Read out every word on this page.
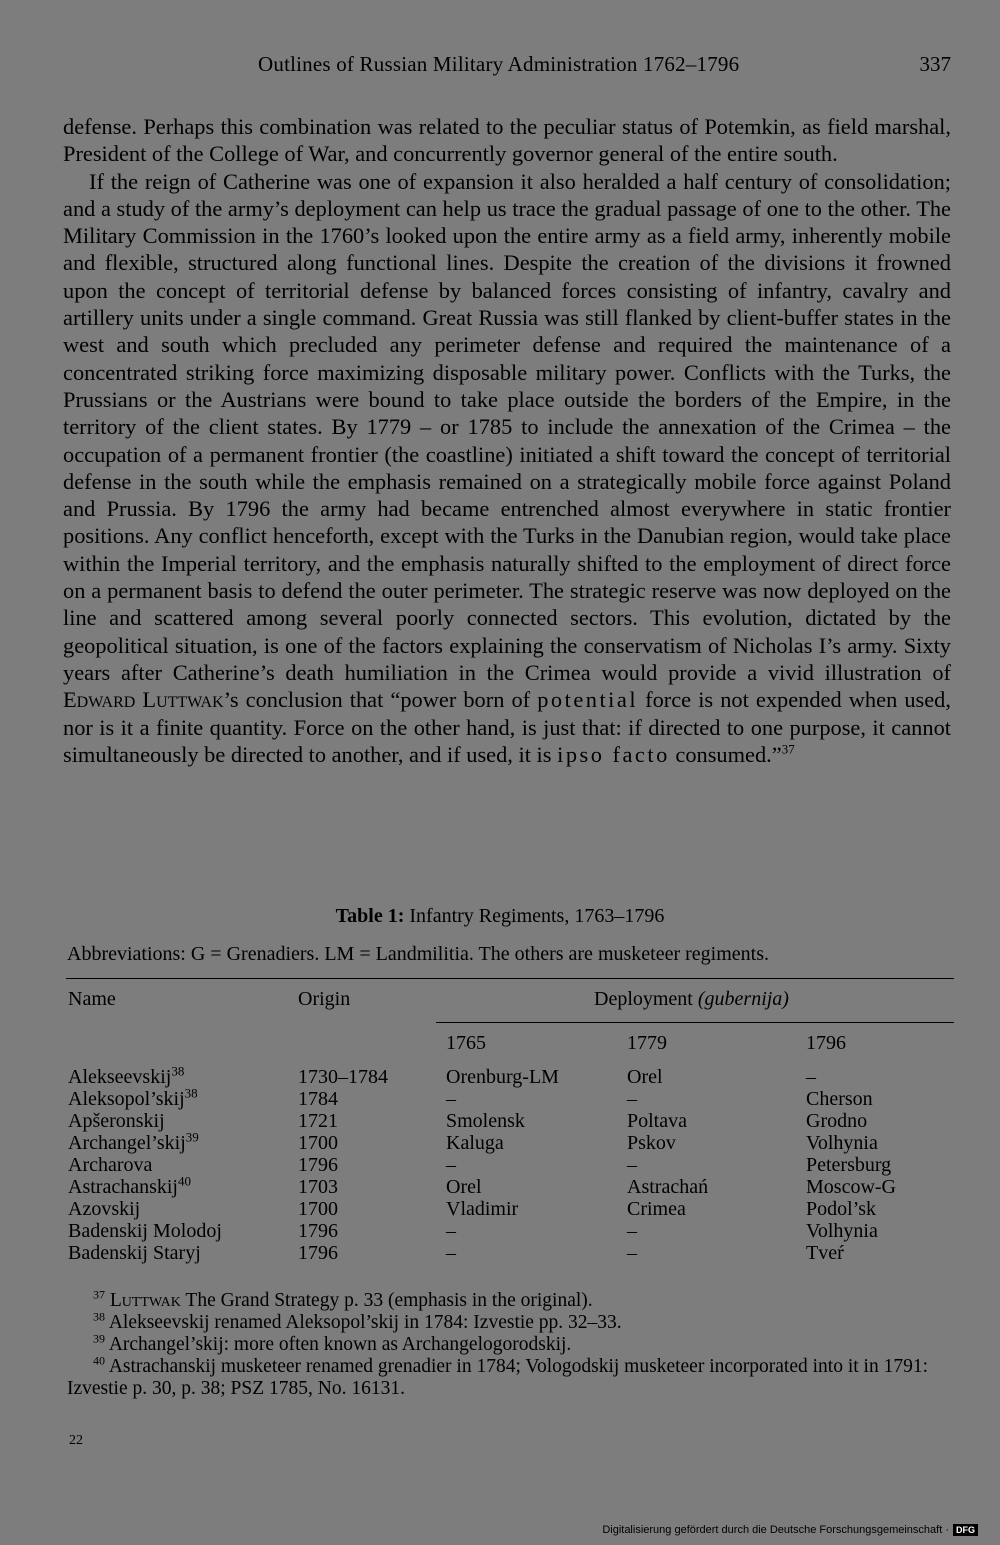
Outlines of Russian Military Administration 1762–1796	337

defense. Perhaps this combination was related to the peculiar status of Potemkin, as field marshal, President of the College of War, and concurrently governor general of the entire south.

If the reign of Catherine was one of expansion it also heralded a half century of consolidation; and a study of the army’s deployment can help us trace the gradual passage of one to the other. The Military Commission in the 1760’s looked upon the entire army as a field army, inherently mobile and flexible, structured along functional lines. Despite the creation of the divisions it frowned upon the concept of territorial defense by balanced forces consisting of infantry, cavalry and artillery units under a single command. Great Russia was still flanked by client-buffer states in the west and south which precluded any perimeter defense and required the maintenance of a concentrated striking force maximizing disposable military power. Conflicts with the Turks, the Prussians or the Austrians were bound to take place outside the borders of the Empire, in the territory of the client states. By 1779 – or 1785 to include the annexation of the Crimea – the occupation of a permanent frontier (the coastline) initiated a shift toward the concept of territorial defense in the south while the emphasis remained on a strategically mobile force against Poland and Prussia. By 1796 the army had became entrenched almost everywhere in static frontier positions. Any conflict henceforth, except with the Turks in the Danubian region, would take place within the Imperial territory, and the emphasis naturally shifted to the employment of direct force on a permanent basis to defend the outer perimeter. The strategic reserve was now deployed on the line and scattered among several poorly connected sectors. This evolution, dictated by the geopolitical situation, is one of the factors explaining the conservatism of Nicholas I’s army. Sixty years after Catherine’s death humiliation in the Crimea would provide a vivid illustration of Edward Luttwak’s conclusion that “power born of potential force is not expended when used, nor is it a finite quantity. Force on the other hand, is just that: if directed to one purpose, it cannot simultaneously be directed to another, and if used, it is ipso facto consumed.”$^{37}$

Table 1: Infantry Regiments, 1763–1796
Abbreviations: G = Grenadiers. LM = Landmilitia. The others are musketeer regiments.
Name	Origin	Deployment (gubernija)
1765	1779	1796
Alekseevskij$^{38}$	1730–1784	Orenburg-LM	Orel	–
Aleksopol’skij$^{38}$	1784	–	–	Cherson
Apšeronskij	1721	Smolensk	Poltava	Grodno
Archangel’skij$^{39}$	1700	Kaluga	Pskov	Volhynia
Archarova	1796	–	–	Petersburg
Astrachanskij$^{40}$	1703	Orel	Astrachań	Moscow-G
Azovskij	1700	Vladimir	Crimea	Podol’sk
Badenskij Molodoj	1796	–	–	Volhynia
Badenskij Staryj	1796	–	–	Tveŕ

$^{37}$ Luttwak The Grand Strategy p. 33 (emphasis in the original).

$^{38}$ Alekseevskij renamed Aleksopol’skij in 1784: Izvestie pp. 32–33.

$^{39}$ Archangel’skij: more often known as Archangelogorodskij.

$^{40}$ Astrachanskij musketeer renamed grenadier in 1784; Vologodskij musketeer incorporated into it in 1791: Izvestie p. 30, p. 38; PSZ 1785, No. 16131.

22
Digitalisierung gefördert durch die Deutsche Forschungsgemeinschaft · DFG
